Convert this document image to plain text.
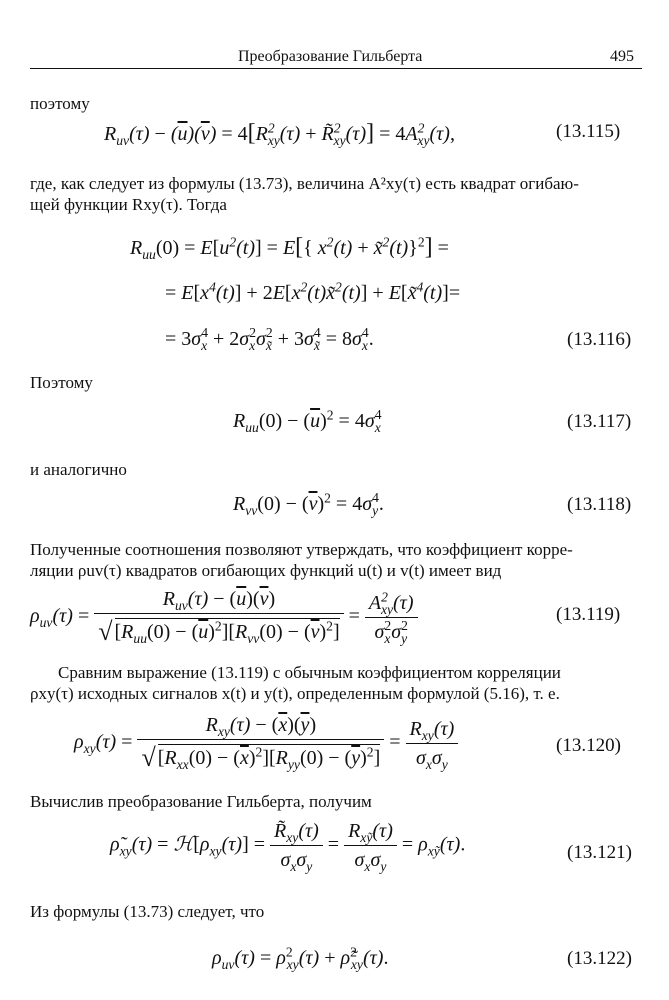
Преобразование Гильберта	495
поэтому
$R_{uv}(\tau) - (\overline{u})(\overline{v}) = 4[R^2_{xy}(\tau)$ + R̃$^2_{xy}$(τ)] = $4A^2_{xy}(\tau)$,	(13.115)
где, как следует из формулы (13.73), величина A²xy(τ) есть квадрат огибаю-
щей функции Rxy(τ). Тогда
$R_{uu}(0) = E[u^2(t)] = E$[{ $x^2(t)$ + x̃$^2$(t)}$^2$] =
= $E[x^4(t)]$ + $2E[x^2(t)x̃^2(t)]$ + E[x̃$^4$(t)]=
= $3\sigma_x^4 + 2\sigma_x^2\sigma_{x̃}^2 + 3\sigma_{x̃}^4 = 8\sigma_x^4$.	(13.116)
Поэтому
$R_{uu}(0) - (\overline{u})^2 = 4\sigma_x^4$	(13.117)
и аналогично
$R_{vv}(0) - (\overline{v})^2 = 4\sigma_y^4$.	(13.118)
Полученные соотношения позволяют утверждать, что коэффициент корре-
ляции ρuv(τ) квадратов огибающих функций u(t) и v(t) имеет вид
$\rho_{uv}(\tau) = \frac{R_{uv}(\tau) - (\overline{u})(\overline{v})}{√ [R_{uu}(0) - (\overline{u})^2][R_{vv}(0) - (\overline{v})^2]} = \frac{A^2_{xy}(\tau)}{\sigma_x^2\sigma_y^2}$	(13.119)
Сравним выражение (13.119) с обычным коэффициентом корреляции
ρxy(τ) исходных сигналов x(t) и y(t), определенным формулой (5.16), т. е.
$\rho_{xy}(\tau) = \frac{R_{xy}(\tau) - (\overline{x})(\overline{y})}{√ [R_{xx}(0) - (\overline{x})^2][R_{yy}(0) - (\overline{y})^2]} = \frac{R_{xy}(\tau)}{\sigma_x\sigma_y}$	(13.120)
Вычислив преобразование Гильберта, получим
$\rhõ_{xy}(\tau)$ = $ℋ[\rho_{xy}(\tau)] = \frac{R̃_{xy}(\tau)}{\sigma_x\sigma_y} = \frac{R_{xỹ}(\tau)}{\sigma_x\sigma_y} = \rho_{xỹ}(\tau)$.	(13.121)
Из формулы (13.73) следует, что
$\rho_{uv}(\tau) = \rho^2_{xy}(\tau)$ + ρ̃$^2_{xy}$(τ).	(13.122)
